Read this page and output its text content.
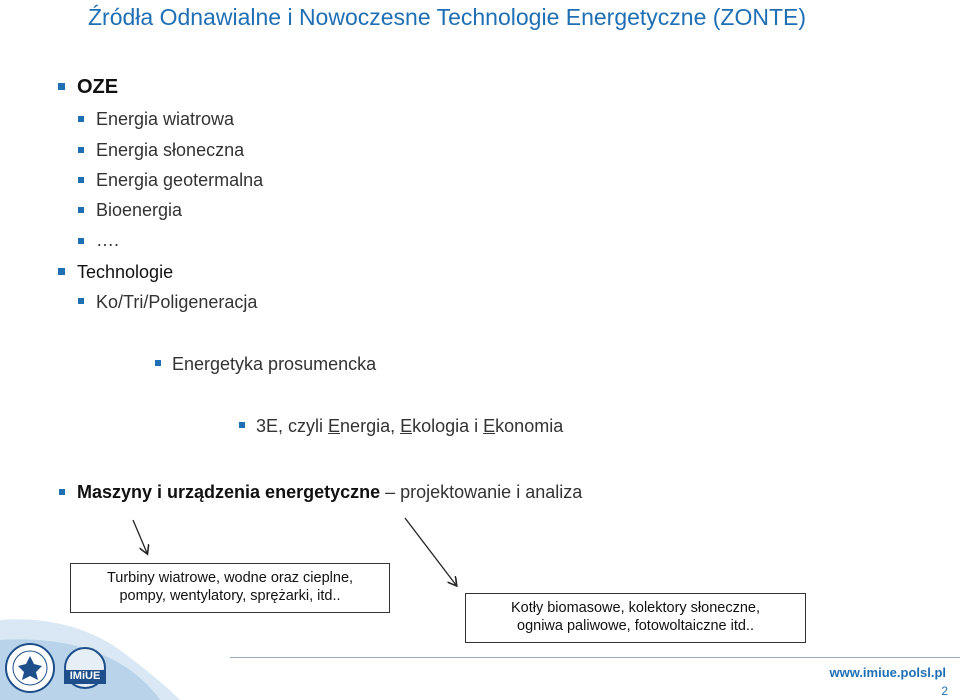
Źródła Odnawialne i Nowoczesne Technologie Energetyczne (ZONTE)
OZE
Energia wiatrowa
Energia słoneczna
Energia geotermalna
Bioenergia
….
Technologie
Ko/Tri/Poligeneracja
Energetyka prosumencka
3E, czyli Energia, Ekologia i Ekonomia
Maszyny i urządzenia energetyczne – projektowanie i analiza
Turbiny wiatrowe, wodne oraz cieplne,
pompy, wentylatory, sprężarki, itd..
Kotły biomasowe, kolektory słoneczne,
ogniwa paliwowe, fotowoltaiczne itd..
IMiUE	www.imiue.polsl.pl
2
